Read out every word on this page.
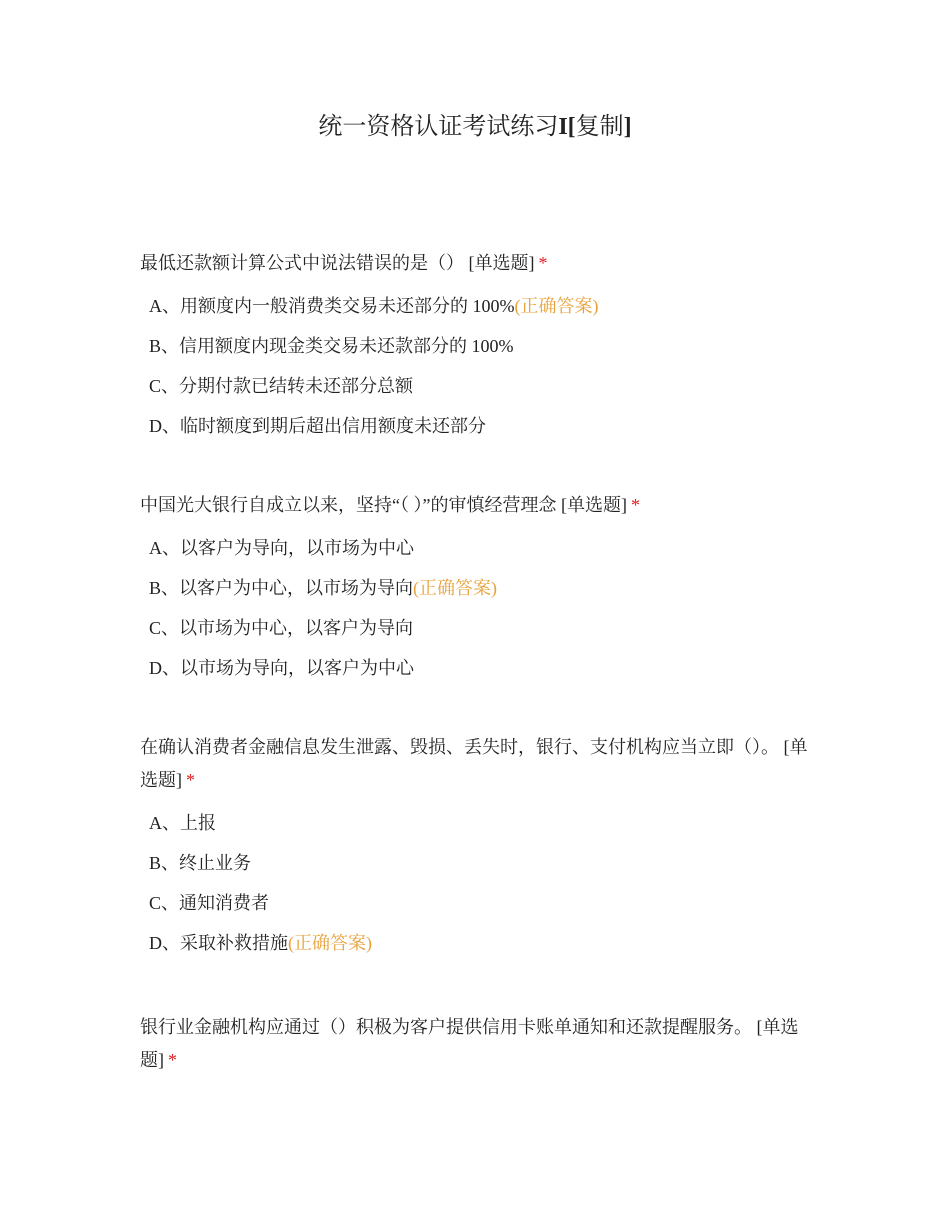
统一资格认证考试练习I[复制]

最低还款额计算公式中说法错误的是（） [单选题] *

A、用额度内一般消费类交易未还部分的 100%(正确答案)
B、信用额度内现金类交易未还款部分的 100%
C、分期付款已结转未还部分总额
D、临时额度到期后超出信用额度未还部分

中国光大银行自成立以来，坚持“（ ）”的审慎经营理念 [单选题] *

A、以客户为导向，以市场为中心
B、以客户为中心，以市场为导向(正确答案)
C、以市场为中心，以客户为导向
D、以市场为导向，以客户为中心

在确认消费者金融信息发生泄露、毁损、丢失时，银行、支付机构应当立即（）。 [单选题] *

A、上报
B、终止业务
C、通知消费者
D、采取补救措施(正确答案)

银行业金融机构应通过（）积极为客户提供信用卡账单通知和还款提醒服务。 [单选题] *
